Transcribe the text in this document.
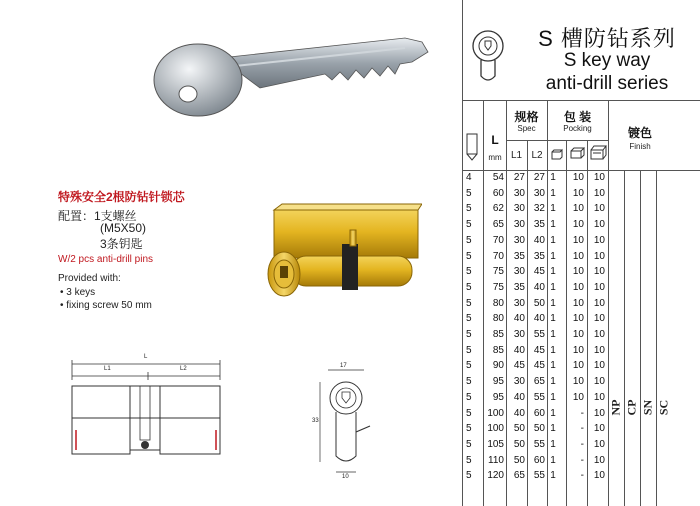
S 槽防钻系列
S key way
anti-drill series
L
mm
规格
Spec
L1 L2
包 装
Pocking	镀色
Finish
4	54 27 27 1	10 10
5	60 30 30 1	10 10
5	62 30 32 1	10 10
5	65 30 35 1	10 10
5	70 30 40 1	10 10
5	70 35 35 1	10 10
5	75 30 45 1	10 10
5	75 35 40 1	10 10
5	80 30 50 1	10 10
5	80 40 40 1	10 10
5	85 30 55 1	10 10
5	85 40 45 1	10 10
5	90 45 45 1	10 10
5	95 30 65 1	10 10
5	95 40 55 1	10 10
5	100 40 60 1	- 10
5	100 50 50 1	- 10
5	105 50 55 1	- 10
5	110 50 60 1	- 10
5	120 65 55 1	- 10
NP CP SN SC
特殊安全2根防钻针锁芯
配置：1支螺丝
(M5X50)
3条钥匙
W/2 pcs anti-drill pins
Provided with:
• 3 keys
• fixing screw 50 mm
L
L1	L2	17
33
10
